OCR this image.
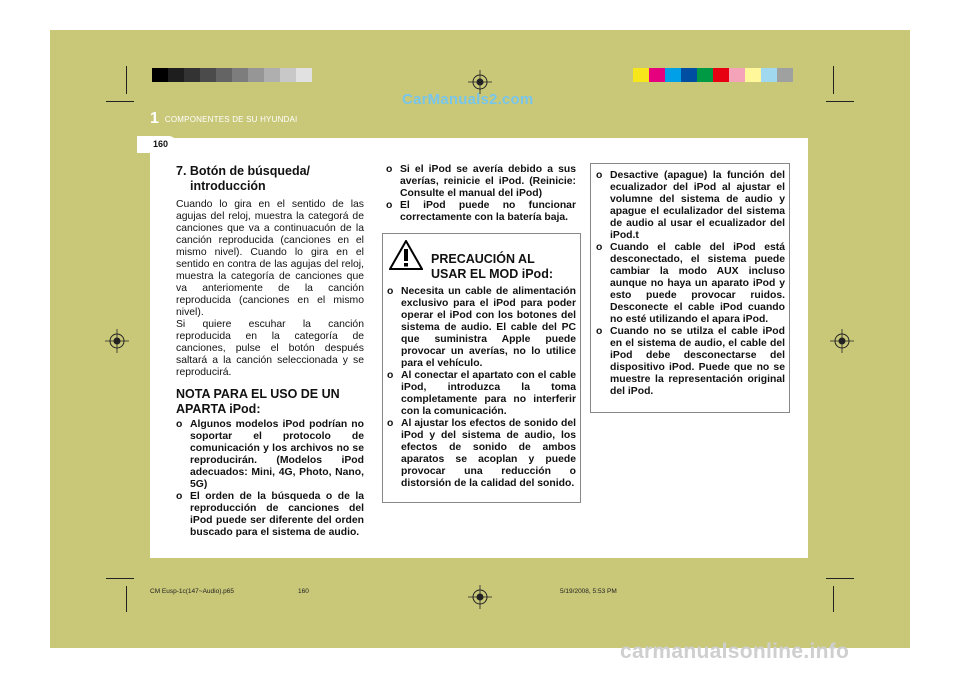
CarManuals2.com
1 COMPONENTES DE SU HYUNDAI
160
7. Botón de búsqueda/
introducción

Cuando lo gira en el sentido de las agujas del reloj, muestra la categorá de canciones que va a continuacuón de la canción reproducida (canciones en el mismo nivel). Cuando lo gira en el sentido en contra de las agujas del reloj, muestra la categoría de canciones que va anteriomente de la canción reproducida (canciones en el mismo nivel).

Si quiere escuhar la canción reproducida en la categoría de canciones, pulse el botón después saltará a la canción seleccionada y se reproducirá.

NOTA PARA EL USO DE UN APARTA iPod:

o Algunos modelos iPod podrían no soportar el protocolo de comunicación y los archivos no se reproducirán. (Modelos iPod adecuados: Mini, 4G, Photo, Nano, 5G)

o El orden de la búsqueda o de la reproducción de canciones del iPod puede ser diferente del orden buscado para el sistema de audio.

o Si el iPod se avería debido a sus averías, reinicie el iPod. (Reinicie: Consulte el manual del iPod)

o El iPod puede no funcionar correctamente con la batería baja.

PRECAUCIÓN AL
USAR EL MOD iPod:

o Necesita un cable de alimentación exclusivo para el iPod para poder operar el iPod con los botones del sistema de audio. El cable del PC que suministra Apple puede provocar un averías, no lo utilice para el vehículo.

o Al conectar el apartato con el cable iPod, introduzca la toma completamente para no interferir con la comunicación.

o Al ajustar los efectos de sonido del iPod y del sistema de audio, los efectos de sonido de ambos aparatos se acoplan y puede provocar una reducción o distorsión de la calidad del sonido.

o Desactive (apague) la función del ecualizador del iPod al ajustar el volumne del sistema de audio y apague el eculalizador del sistema de audio al usar el ecualizador del iPod.t

o Cuando el cable del iPod está desconectado, el sistema puede cambiar la modo AUX incluso aunque no haya un aparato iPod y esto puede provocar ruidos. Desconecte el cable iPod cuando no esté utilizando el apara iPod.

o Cuando no se utilza el cable iPod en el sistema de audio, el cable del iPod debe desconectarse del dispositivo iPod. Puede que no se muestre la representación original del iPod.

CM Eusp-1c(147~Audio).p65	160	5/19/2008, 5:53 PM
carmanualsonline.info
